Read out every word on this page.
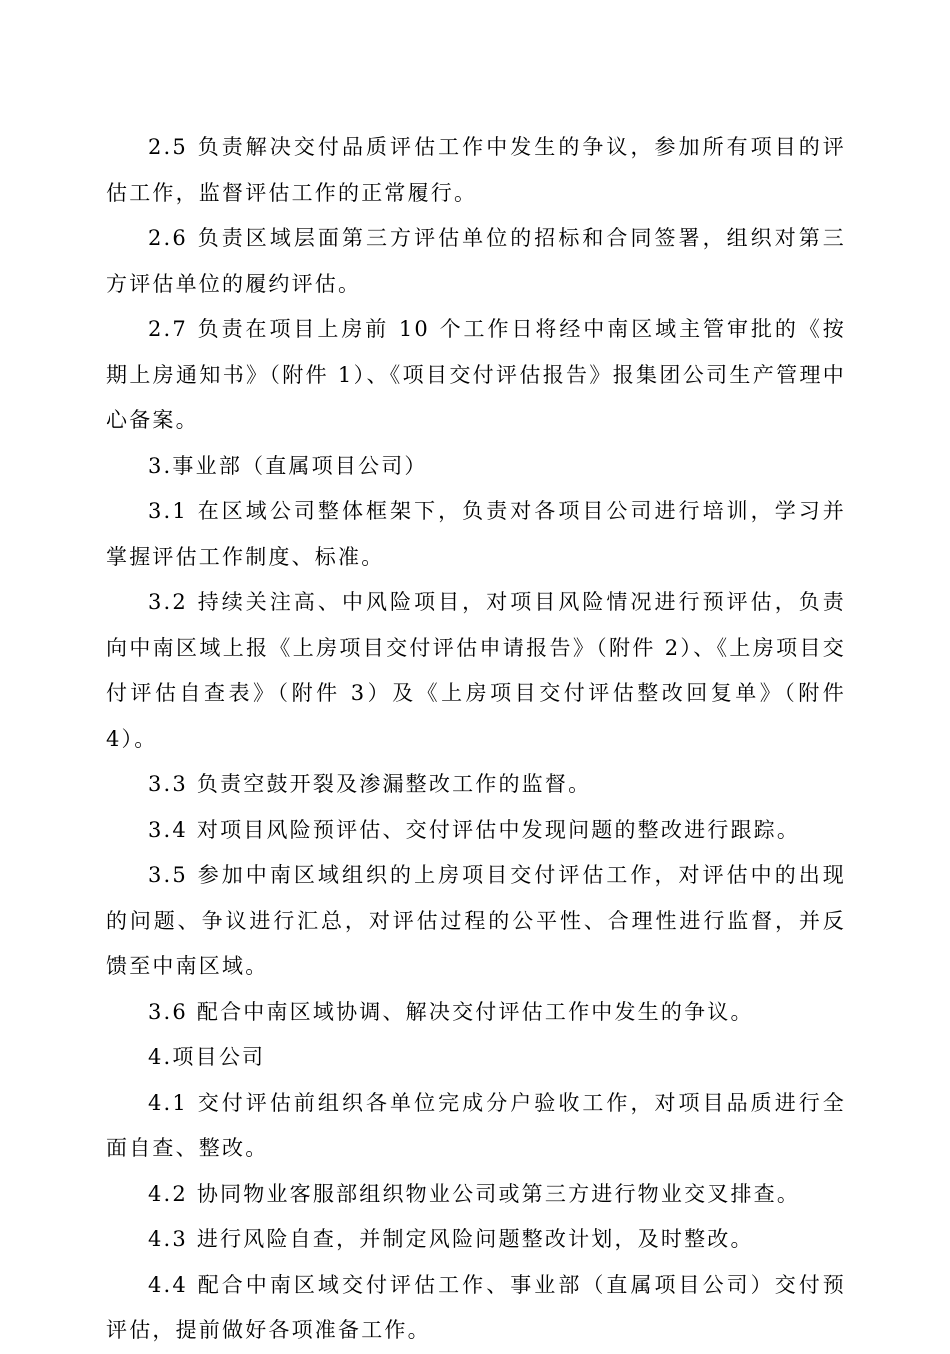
2.5 负责解决交付品质评估工作中发生的争议，参加所有项目的评估工作，监督评估工作的正常履行。

2.6 负责区域层面第三方评估单位的招标和合同签署，组织对第三方评估单位的履约评估。

2.7 负责在项目上房前 10 个工作日将经中南区域主管审批的《按期上房通知书》（附件 1）、《项目交付评估报告》报集团公司生产管理中心备案。

3.事业部（直属项目公司）

3.1 在区域公司整体框架下，负责对各项目公司进行培训，学习并掌握评估工作制度、标准。

3.2 持续关注高、中风险项目，对项目风险情况进行预评估，负责向中南区域上报《上房项目交付评估申请报告》（附件 2）、《上房项目交付评估自查表》（附件 3）及《上房项目交付评估整改回复单》（附件 4）。

3.3 负责空鼓开裂及渗漏整改工作的监督。

3.4 对项目风险预评估、交付评估中发现问题的整改进行跟踪。

3.5 参加中南区域组织的上房项目交付评估工作，对评估中的出现的问题、争议进行汇总，对评估过程的公平性、合理性进行监督，并反馈至中南区域。

3.6 配合中南区域协调、解决交付评估工作中发生的争议。

4.项目公司

4.1 交付评估前组织各单位完成分户验收工作，对项目品质进行全面自查、整改。

4.2 协同物业客服部组织物业公司或第三方进行物业交叉排查。

4.3 进行风险自查，并制定风险问题整改计划，及时整改。

4.4 配合中南区域交付评估工作、事业部（直属项目公司）交付预评估，提前做好各项准备工作。
